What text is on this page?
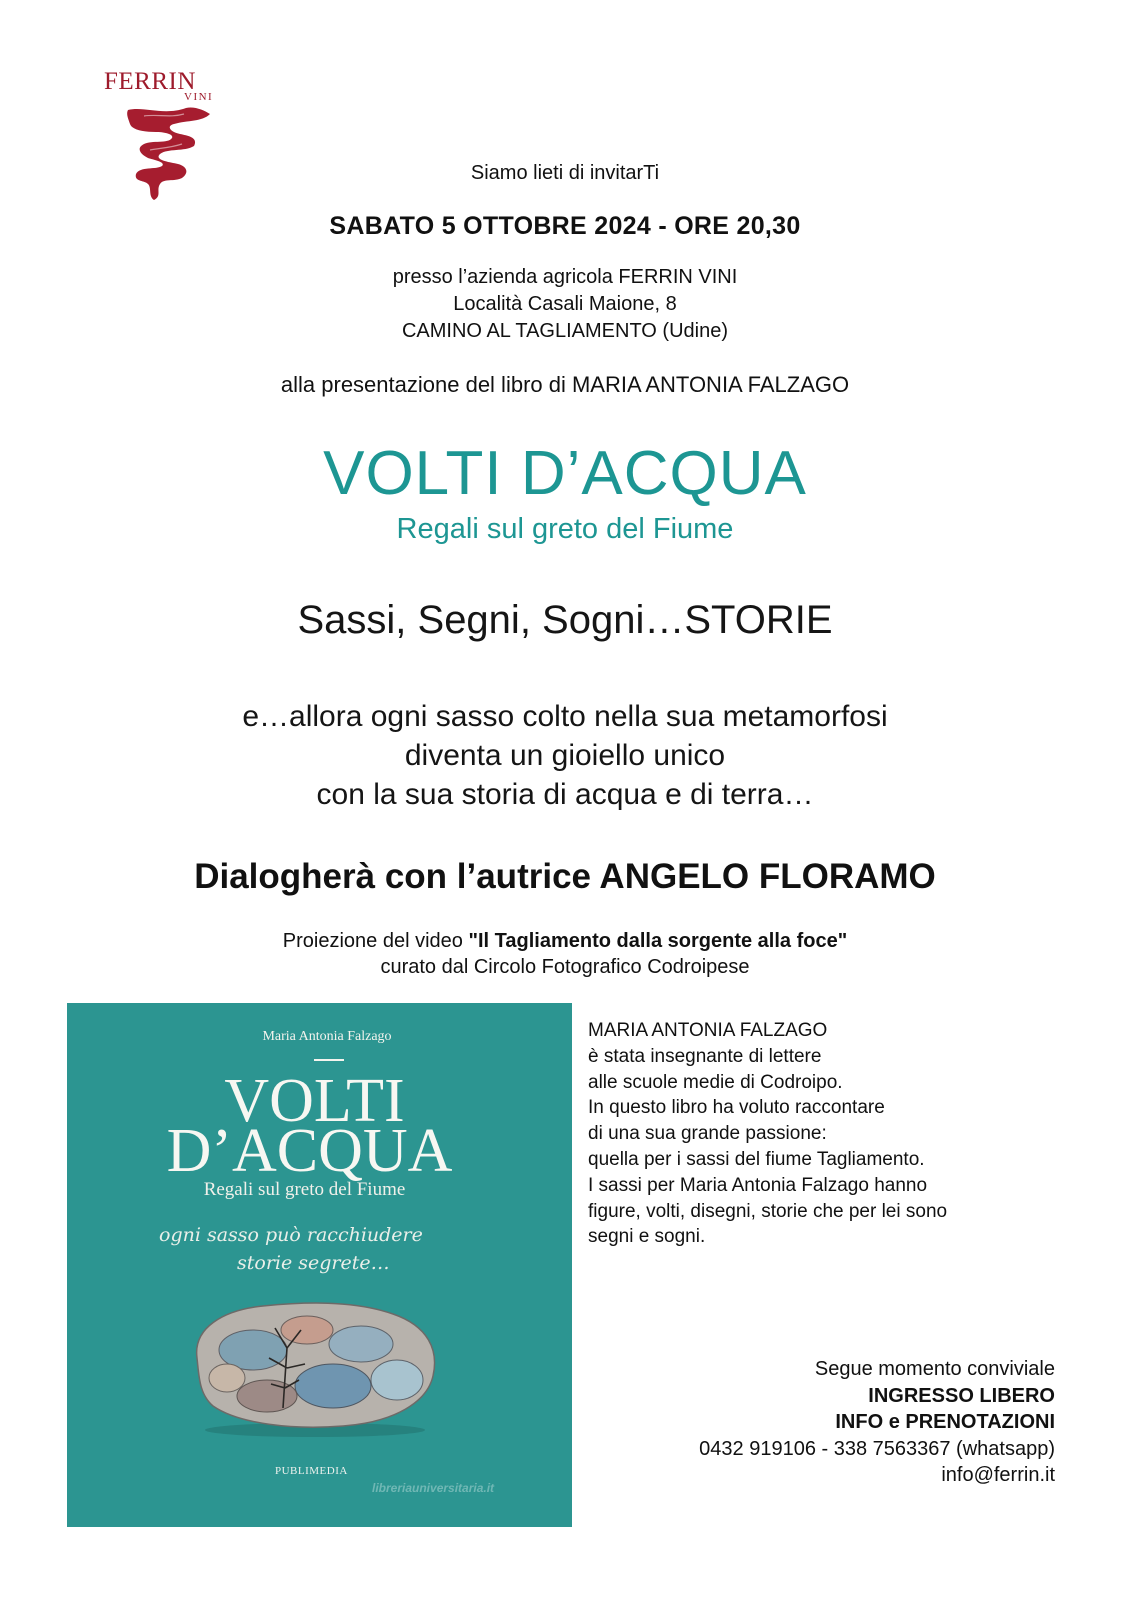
FERRIN
VINI
Siamo lieti di invitarTi
SABATO 5 OTTOBRE 2024 - ORE 20,30
presso l’azienda agricola FERRIN VINI
Località Casali Maione, 8
CAMINO AL TAGLIAMENTO (Udine)
alla presentazione del libro di MARIA ANTONIA FALZAGO
VOLTI D’ACQUA
Regali sul greto del Fiume
Sassi, Segni, Sogni…STORIE
e…allora ogni sasso colto nella sua metamorfosi
diventa un gioiello unico
con la sua storia di acqua e di terra…
Dialogherà con l’autrice ANGELO FLORAMO
Proiezione del video "Il Tagliamento dalla sorgente alla foce"
curato dal Circolo Fotografico Codroipese
Maria Antonia Falzago
VOLTI
D’ACQUA
Regali sul greto del Fiume
ogni sasso può racchiudere
storie segrete…
PUBLIMEDIA
libreriauniversitaria.it
MARIA ANTONIA FALZAGO
è stata insegnante di lettere
alle scuole medie di Codroipo.
In questo libro ha voluto raccontare
di una sua grande passione:
quella per i sassi del fiume Tagliamento.
I sassi per Maria Antonia Falzago hanno
figure, volti, disegni, storie che per lei sono
segni e sogni.
Segue momento conviviale
INGRESSO LIBERO
INFO e PRENOTAZIONI
0432 919106 - 338 7563367 (whatsapp)
info@ferrin.it
